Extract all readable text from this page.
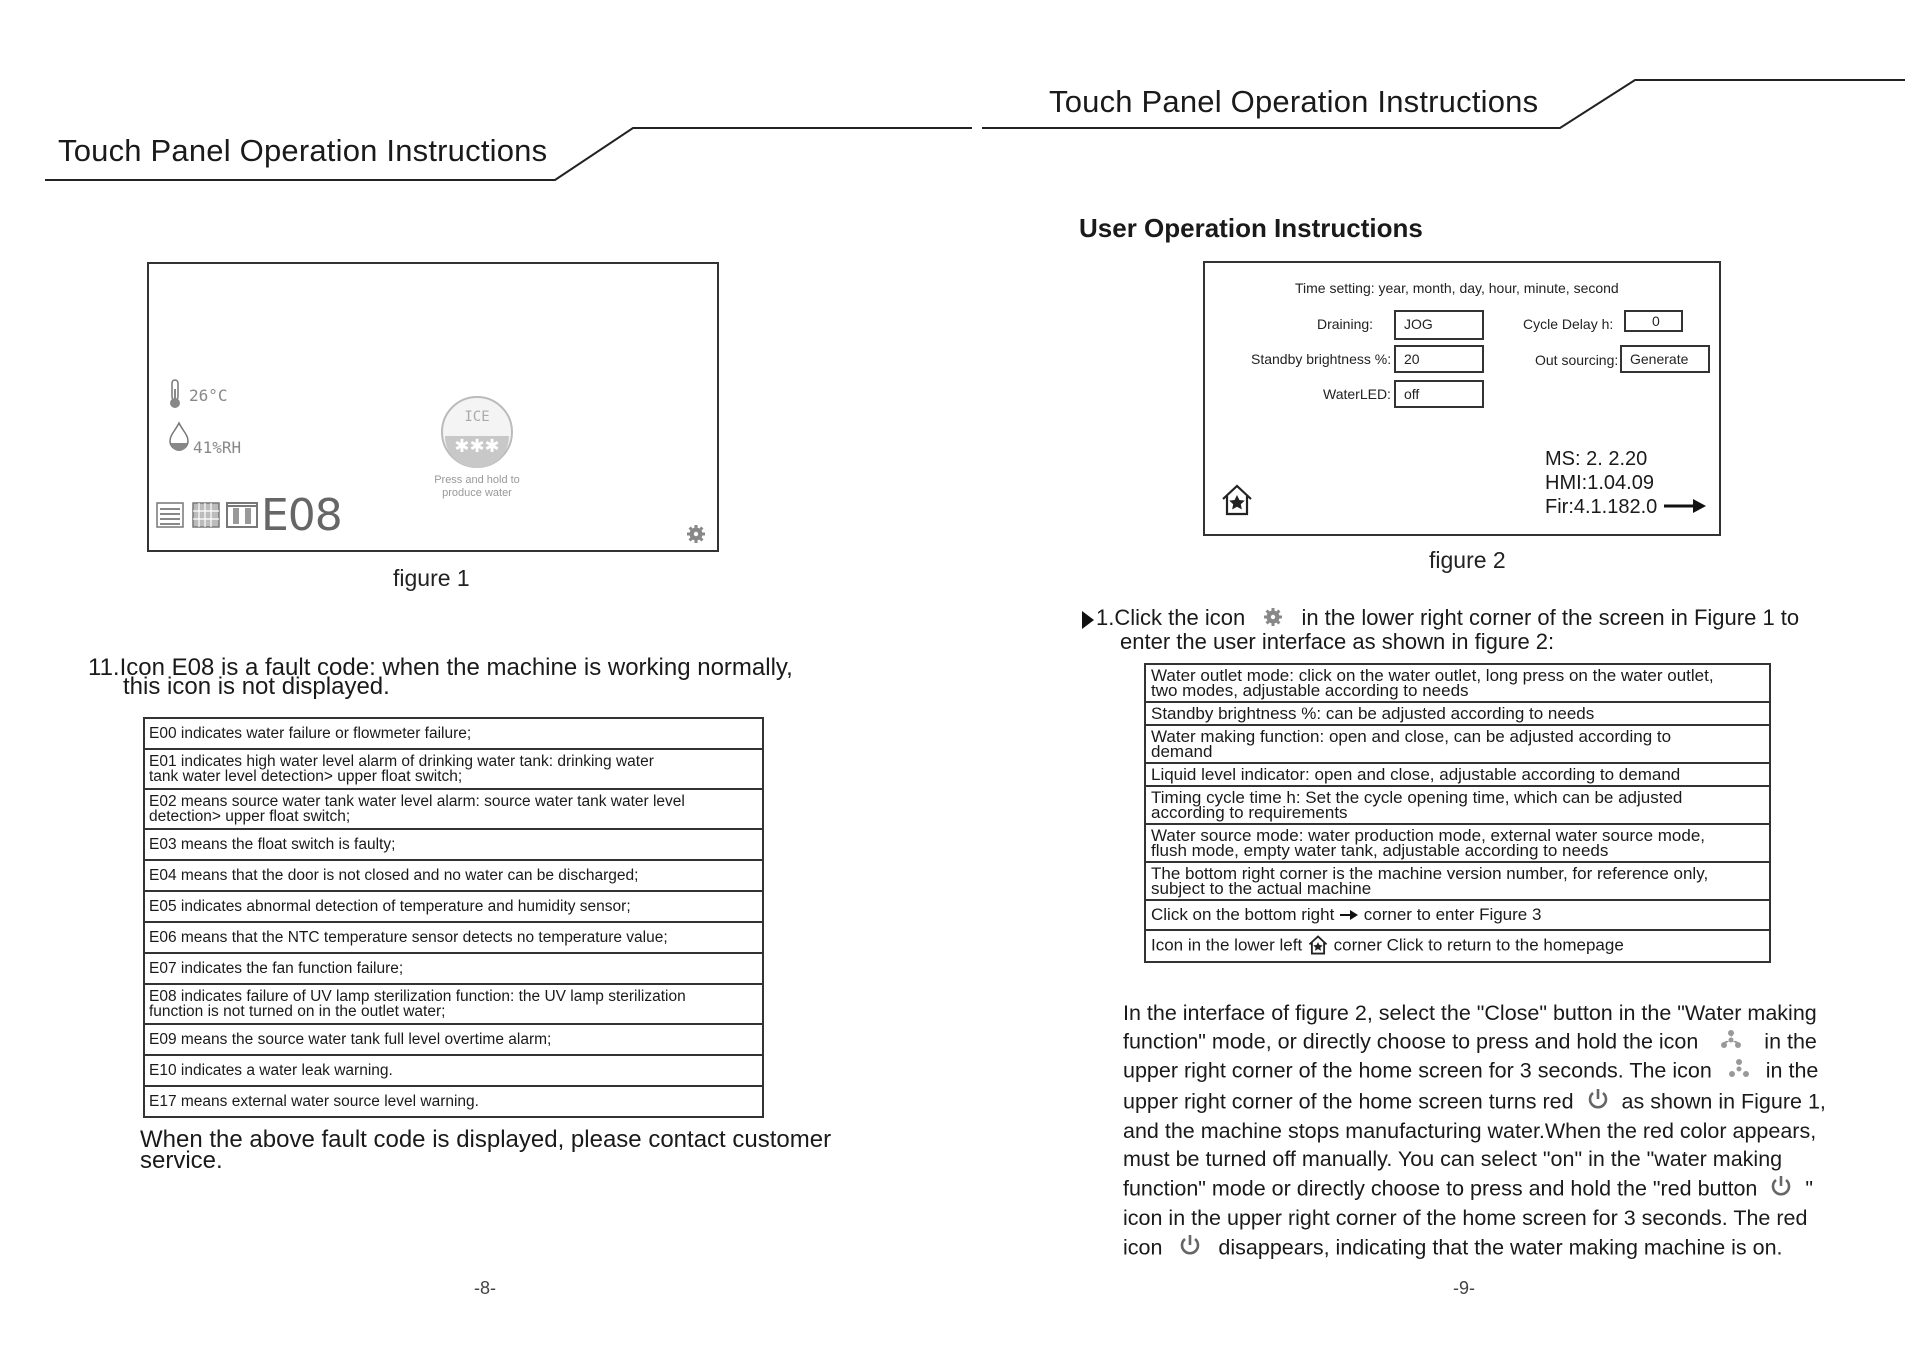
Touch Panel Operation Instructions
26°C
41%RH
E08
ICE
✱✱✱
Press and hold to
produce water
figure 1
11.Icon E08 is a fault code: when the machine is working normally,
this icon is not displayed.
E00 indicates water failure or flowmeter failure;

E01 indicates high water level alarm of drinking water tank: drinking water
tank water level detection> upper float switch;

E02 means source water tank water level alarm: source water tank water level
detection> upper float switch;

E03 means the float switch is faulty;

E04 means that the door is not closed and no water can be discharged;

E05 indicates abnormal detection of temperature and humidity sensor;

E06 means that the NTC temperature sensor detects no temperature value;

E07 indicates the fan function failure;

E08 indicates failure of UV lamp sterilization function: the UV lamp sterilization
function is not turned on in the outlet water;

E09 means the source water tank full level overtime alarm;

E10 indicates a water leak warning.

E17 means external water source level warning.
When the above fault code is displayed, please contact customer
service.
-8-
Touch Panel Operation Instructions
User Operation Instructions
Time setting: year, month, day, hour, minute, second
Draining:	JOG	Cycle Delay h:	0
Standby brightness %: 20	Out sourcing: Generate
WaterLED: off
MS: 2. 2.20
HMI:1.04.09
Fir:4.1.182.0
figure 2
1.Click the icon	in the lower right corner of the screen in Figure 1 to
enter the user interface as shown in figure 2:
Water outlet mode: click on the water outlet, long press on the water outlet,
two modes, adjustable according to needs

Standby brightness %: can be adjusted according to needs

Water making function: open and close, can be adjusted according to
demand

Liquid level indicator: open and close, adjustable according to demand

Timing cycle time h: Set the cycle opening time, which can be adjusted
according to requirements

Water source mode: water production mode, external water source mode,
flush mode, empty water tank, adjustable according to needs

The bottom right corner is the machine version number, for reference only,
subject to the actual machine

Click on the bottom right corner to enter Figure 3
Icon in the lower left corner Click to return to the homepage
In the interface of figure 2, select the "Close" button in the "Water making
function" mode, or directly choose to press and hold the icon	in the
upper right corner of the home screen for 3 seconds. The icon	in the
upper right corner of the home screen turns red as shown in Figure 1,
and the machine stops manufacturing water.When the red color appears,
must be turned off manually. You can select "on" in the "water making
function" mode or directly choose to press and hold the "red button "
icon in the upper right corner of the home screen for 3 seconds. The red
icon	disappears, indicating that the water making machine is on.
-9-
